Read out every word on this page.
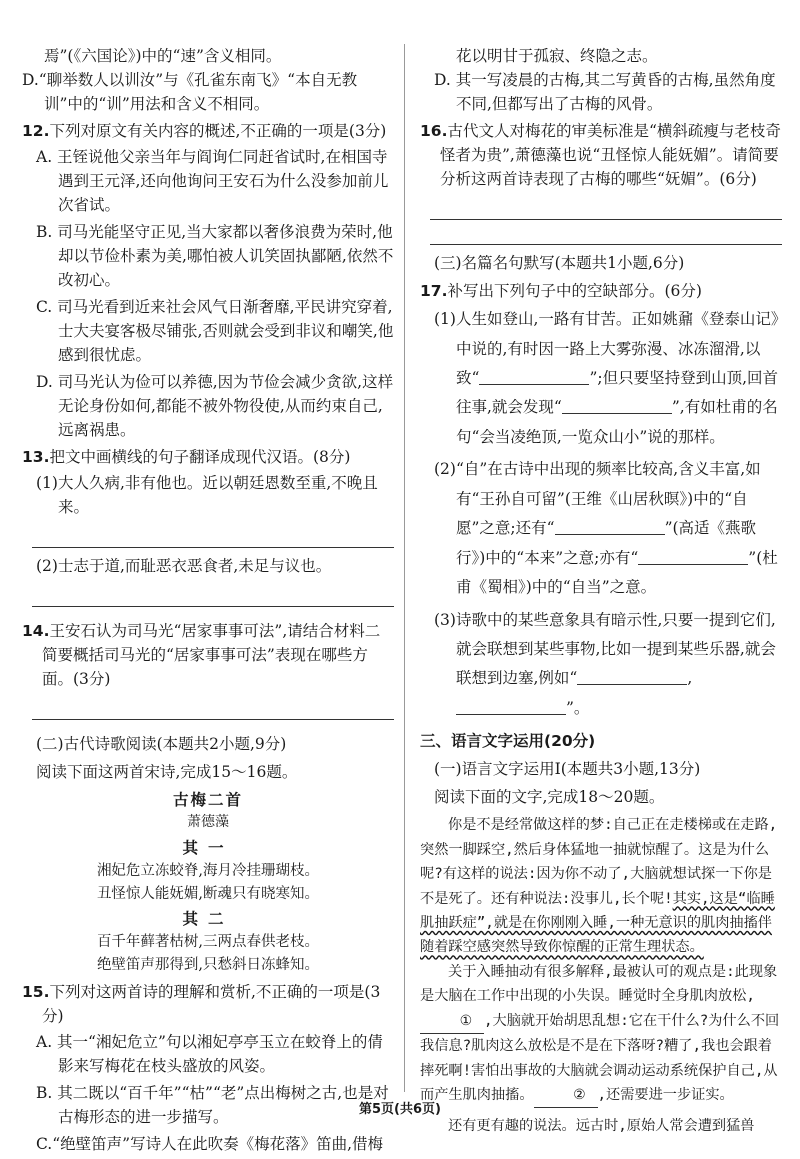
焉”(《六国论》)中的“速”含义相同。

D.“聊举数人以训汝”与《孔雀东南飞》“本自无教训”中的“训”用法和含义不相同。

12.下列对原文有关内容的概述,不正确的一项是(3分)

A. 王铚说他父亲当年与阎询仁同赶省试时,在相国寺遇到王元泽,还向他询问王安石为什么没参加前儿次省试。

B. 司马光能坚守正见,当大家都以奢侈浪费为荣时,他却以节俭朴素为美,哪怕被人讥笑固执鄙陋,依然不改初心。

C. 司马光看到近来社会风气日渐奢靡,平民讲究穿着,士大夫宴客极尽铺张,否则就会受到非议和嘲笑,他感到很忧虑。

D. 司马光认为俭可以养德,因为节俭会减少贪欲,这样无论身份如何,都能不被外物役使,从而约束自己,远离祸患。

13.把文中画横线的句子翻译成现代汉语。(8分)

(1)大人久病,非有他也。近以朝廷恩数至重,不晚且来。

(2)士志于道,而耻恶衣恶食者,未足与议也。

14.王安石认为司马光“居家事事可法”,请结合材料二简要概括司马光的“居家事事可法”表现在哪些方面。(3分)

(二)古代诗歌阅读(本题共2小题,9分)

阅读下面这两首宋诗,完成15～16题。

古梅二首

萧德藻

其一

湘妃危立冻蛟脊,海月冷挂珊瑚枝。

丑怪惊人能妩媚,断魂只有晓寒知。

其二

百千年藓著枯树,三两点春供老枝。

绝壁笛声那得到,只愁斜日冻蜂知。

15.下列对这两首诗的理解和赏析,不正确的一项是(3分)

A. 其一“湘妃危立”句以湘妃亭亭玉立在蛟脊上的倩影来写梅花在枝头盛放的风姿。

B. 其二既以“百千年”“枯”“老”点出梅树之古,也是对古梅形态的进一步描写。

C.“绝壁笛声”写诗人在此吹奏《梅花落》笛曲,借梅

花以明甘于孤寂、终隐之志。

D. 其一写凌晨的古梅,其二写黄昏的古梅,虽然角度不同,但都写出了古梅的风骨。

16.古代文人对梅花的审美标准是“横斜疏瘦与老枝奇怪者为贵”,萧德藻也说“丑怪惊人能妩媚”。请简要分析这两首诗表现了古梅的哪些“妩媚”。(6分)

(三)名篇名句默写(本题共1小题,6分)

17.补写出下列句子中的空缺部分。(6分)

(1)人生如登山,一路有甘苦。正如姚鼐《登泰山记》中说的,有时因一路上大雾弥漫、冰冻溜滑,以致“	”;但只要坚持登到山顶,回首往事,就会发现“	”,有如杜甫的名句“会当凌绝顶,一览众山小”说的那样。

(2)“自”在古诗中出现的频率比较高,含义丰富,如有“王孙自可留”(王维《山居秋暝》)中的“自愿”之意;还有“	”(高适《燕歌行》)中的“本来”之意;亦有“	”(杜甫《蜀相》)中的“自当”之意。

(3)诗歌中的某些意象具有暗示性,只要一提到它们,就会联想到某些事物,比如一提到某些乐器,就会联想到边塞,例如“	,”。

三、语言文字运用(20分)

(一)语言文字运用Ⅰ(本题共3小题,13分)

阅读下面的文字,完成18～20题。

你是不是经常做这样的梦:自己正在走楼梯或在走路,突然一脚踩空,然后身体猛地一抽就惊醒了。这是为什么呢?有这样的说法:因为你不动了,大脑就想试探一下你是不是死了。还有种说法:没事儿,长个呢!其实,这是“临睡肌抽跃症”,就是在你刚刚入睡,一种无意识的肌肉抽搐伴随着踩空感突然导致你惊醒的正常生理状态。

关于入睡抽动有很多解释,最被认可的观点是:此现象是大脑在工作中出现的小失误。睡觉时全身肌肉放松,① ,大脑就开始胡思乱想:它在干什么?为什么不回我信息?肌肉这么放松是不是在下落呀?糟了,我也会跟着摔死啊!害怕出事故的大脑就会调动运动系统保护自己,从而产生肌肉抽搐。	② ,还需要进一步证实。

还有更有趣的说法。远古时,原始人常会遭到猛兽

第5页(共6页)
